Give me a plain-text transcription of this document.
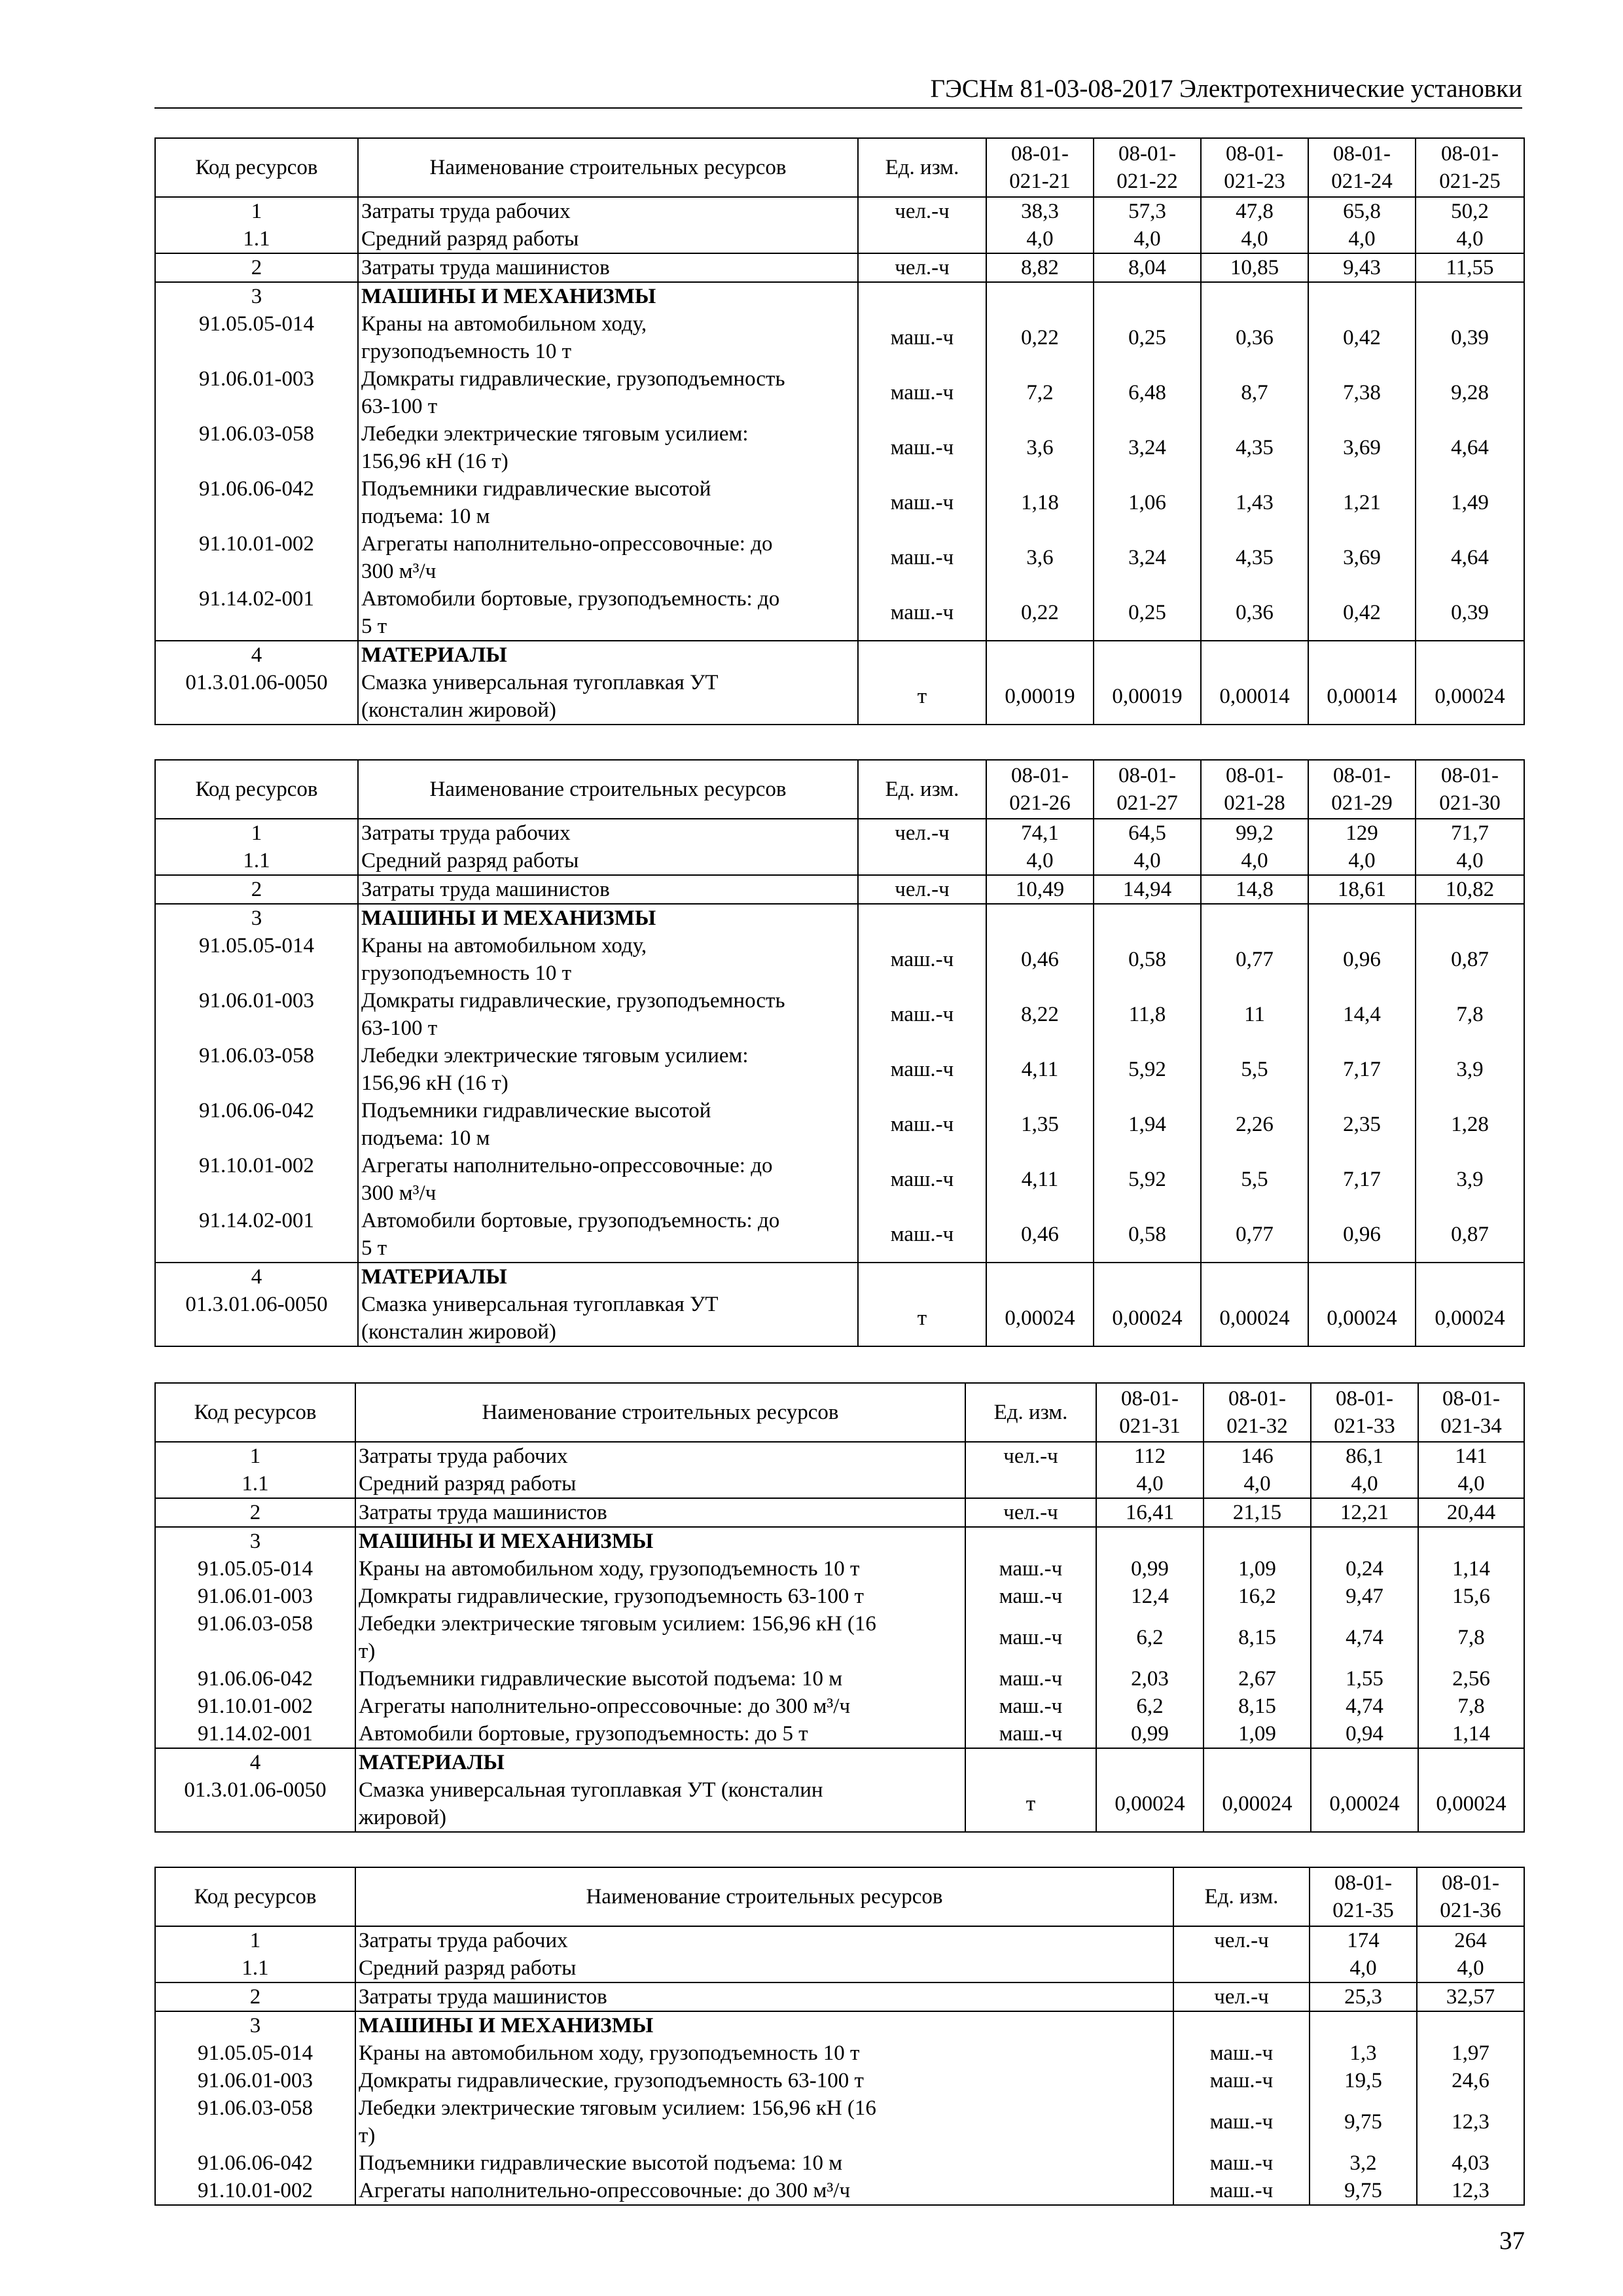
ГЭСНм 81-03-08-2017 Электротехнические установки
Код ресурсов	Наименование строительных ресурсов	Ед. изм.	08-01-
021-21	08-01-
021-22	08-01-
021-23	08-01-
021-24	08-01-
021-25
1	Затраты труда рабочих	чел.-ч	38,3	57,3	47,8	65,8	50,2
1.1	Средний разряд работы		4,0	4,0	4,0	4,0	4,0
2	Затраты труда машинистов	чел.-ч	8,82	8,04	10,85	9,43	11,55
3	МАШИНЫ И МЕХАНИЗМЫ						
91.05.05-014	Краны на автомобильном ходу,
грузоподъемность 10 т	маш.-ч	0,22	0,25	0,36	0,42	0,39
91.06.01-003	Домкраты гидравлические, грузоподъемность
63-100 т	маш.-ч	7,2	6,48	8,7	7,38	9,28
91.06.03-058	Лебедки электрические тяговым усилием:
156,96 кН (16 т)	маш.-ч	3,6	3,24	4,35	3,69	4,64
91.06.06-042	Подъемники гидравлические высотой
подъема: 10 м	маш.-ч	1,18	1,06	1,43	1,21	1,49
91.10.01-002	Агрегаты наполнительно-опрессовочные: до
300 м³/ч	маш.-ч	3,6	3,24	4,35	3,69	4,64
91.14.02-001	Автомобили бортовые, грузоподъемность: до
5 т	маш.-ч	0,22	0,25	0,36	0,42	0,39
4	МАТЕРИАЛЫ						
01.3.01.06-0050	Смазка универсальная тугоплавкая УТ
(консталин жировой)	т	0,00019	0,00019	0,00014	0,00014	0,00024
Код ресурсов	Наименование строительных ресурсов	Ед. изм.	08-01-
021-26	08-01-
021-27	08-01-
021-28	08-01-
021-29	08-01-
021-30
1	Затраты труда рабочих	чел.-ч	74,1	64,5	99,2	129	71,7
1.1	Средний разряд работы		4,0	4,0	4,0	4,0	4,0
2	Затраты труда машинистов	чел.-ч	10,49	14,94	14,8	18,61	10,82
3	МАШИНЫ И МЕХАНИЗМЫ						
91.05.05-014	Краны на автомобильном ходу,
грузоподъемность 10 т	маш.-ч	0,46	0,58	0,77	0,96	0,87
91.06.01-003	Домкраты гидравлические, грузоподъемность
63-100 т	маш.-ч	8,22	11,8	11	14,4	7,8
91.06.03-058	Лебедки электрические тяговым усилием:
156,96 кН (16 т)	маш.-ч	4,11	5,92	5,5	7,17	3,9
91.06.06-042	Подъемники гидравлические высотой
подъема: 10 м	маш.-ч	1,35	1,94	2,26	2,35	1,28
91.10.01-002	Агрегаты наполнительно-опрессовочные: до
300 м³/ч	маш.-ч	4,11	5,92	5,5	7,17	3,9
91.14.02-001	Автомобили бортовые, грузоподъемность: до
5 т	маш.-ч	0,46	0,58	0,77	0,96	0,87
4	МАТЕРИАЛЫ						
01.3.01.06-0050	Смазка универсальная тугоплавкая УТ
(консталин жировой)	т	0,00024	0,00024	0,00024	0,00024	0,00024
Код ресурсов	Наименование строительных ресурсов	Ед. изм.	08-01-
021-31	08-01-
021-32	08-01-
021-33	08-01-
021-34
1	Затраты труда рабочих	чел.-ч	112	146	86,1	141
1.1	Средний разряд работы		4,0	4,0	4,0	4,0
2	Затраты труда машинистов	чел.-ч	16,41	21,15	12,21	20,44
3	МАШИНЫ И МЕХАНИЗМЫ					
91.05.05-014	Краны на автомобильном ходу, грузоподъемность 10 т	маш.-ч	0,99	1,09	0,24	1,14
91.06.01-003	Домкраты гидравлические, грузоподъемность 63-100 т	маш.-ч	12,4	16,2	9,47	15,6
91.06.03-058	Лебедки электрические тяговым усилием: 156,96 кН (16
т)	маш.-ч	6,2	8,15	4,74	7,8
91.06.06-042	Подъемники гидравлические высотой подъема: 10 м	маш.-ч	2,03	2,67	1,55	2,56
91.10.01-002	Агрегаты наполнительно-опрессовочные: до 300 м³/ч	маш.-ч	6,2	8,15	4,74	7,8
91.14.02-001	Автомобили бортовые, грузоподъемность: до 5 т	маш.-ч	0,99	1,09	0,94	1,14
4	МАТЕРИАЛЫ					
01.3.01.06-0050	Смазка универсальная тугоплавкая УТ (консталин
жировой)	т	0,00024	0,00024	0,00024	0,00024
Код ресурсов	Наименование строительных ресурсов	Ед. изм.	08-01-
021-35	08-01-
021-36
1	Затраты труда рабочих	чел.-ч	174	264
1.1	Средний разряд работы		4,0	4,0
2	Затраты труда машинистов	чел.-ч	25,3	32,57
3	МАШИНЫ И МЕХАНИЗМЫ			
91.05.05-014	Краны на автомобильном ходу, грузоподъемность 10 т	маш.-ч	1,3	1,97
91.06.01-003	Домкраты гидравлические, грузоподъемность 63-100 т	маш.-ч	19,5	24,6
91.06.03-058	Лебедки электрические тяговым усилием: 156,96 кН (16
т)	маш.-ч	9,75	12,3
91.06.06-042	Подъемники гидравлические высотой подъема: 10 м	маш.-ч	3,2	4,03
91.10.01-002	Агрегаты наполнительно-опрессовочные: до 300 м³/ч	маш.-ч	9,75	12,3
37
